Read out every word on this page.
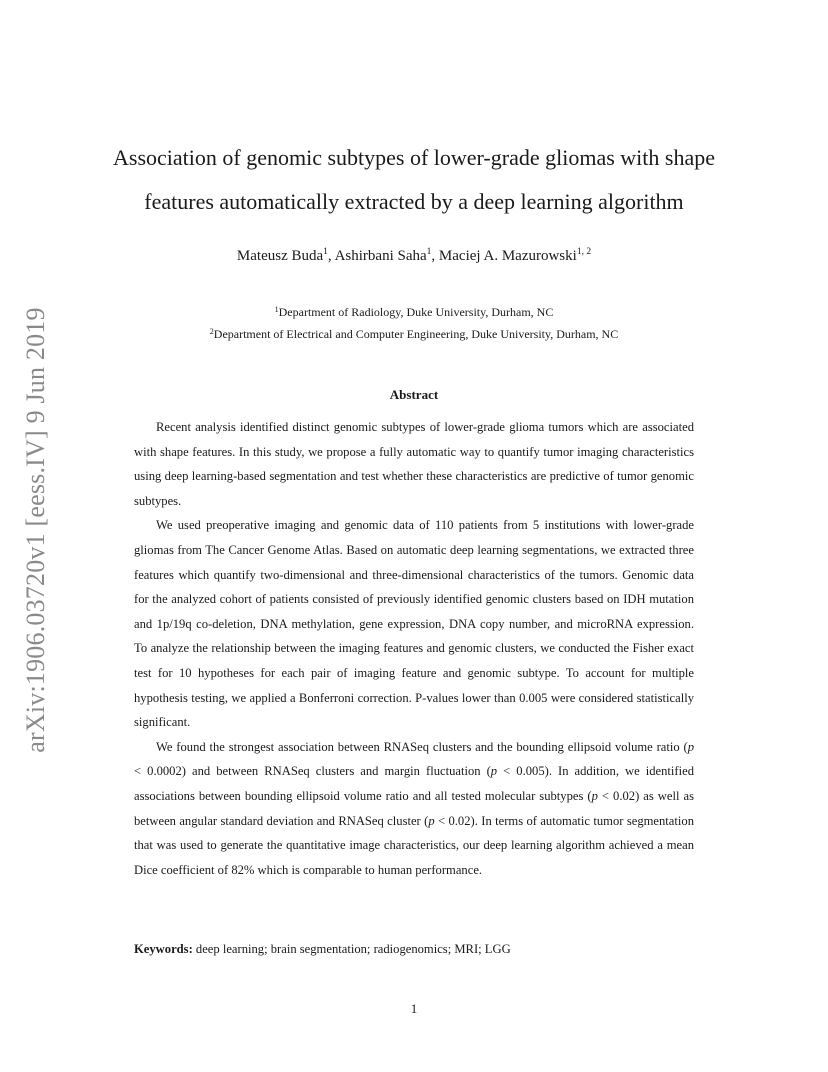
arXiv:1906.03720v1 [eess.IV] 9 Jun 2019
Association of genomic subtypes of lower-grade gliomas with shape
features automatically extracted by a deep learning algorithm
Mateusz Buda$^1$, Ashirbani Saha$^1$, Maciej A. Mazurowski$^{1, 2}$
$^1$Department of Radiology, Duke University, Durham, NC
$^2$Department of Electrical and Computer Engineering, Duke University, Durham, NC
Abstract

Recent analysis identified distinct genomic subtypes of lower-grade glioma tumors which are associated with shape features. In this study, we propose a fully automatic way to quantify tumor imaging characteristics using deep learning-based segmentation and test whether these characteristics are predictive of tumor genomic subtypes.

We used preoperative imaging and genomic data of 110 patients from 5 institutions with lower-grade gliomas from The Cancer Genome Atlas. Based on automatic deep learning segmentations, we extracted three features which quantify two-dimensional and three-dimensional characteristics of the tumors. Genomic data for the analyzed cohort of patients consisted of previously identified genomic clusters based on IDH mutation and 1p/19q co-deletion, DNA methylation, gene expression, DNA copy number, and microRNA expression. To analyze the relationship between the imaging features and genomic clusters, we conducted the Fisher exact test for 10 hypotheses for each pair of imaging feature and genomic subtype. To account for multiple hypothesis testing, we applied a Bonferroni correction. P-values lower than 0.005 were considered statistically significant.

We found the strongest association between RNASeq clusters and the bounding ellipsoid volume ratio (p < 0.0002) and between RNASeq clusters and margin fluctuation (p < 0.005). In addition, we identified associations between bounding ellipsoid volume ratio and all tested molecular subtypes (p < 0.02) as well as between angular standard deviation and RNASeq cluster (p < 0.02). In terms of automatic tumor segmentation that was used to generate the quantitative image characteristics, our deep learning algorithm achieved a mean Dice coefficient of 82% which is comparable to human performance.

Keywords: deep learning; brain segmentation; radiogenomics; MRI; LGG
1
